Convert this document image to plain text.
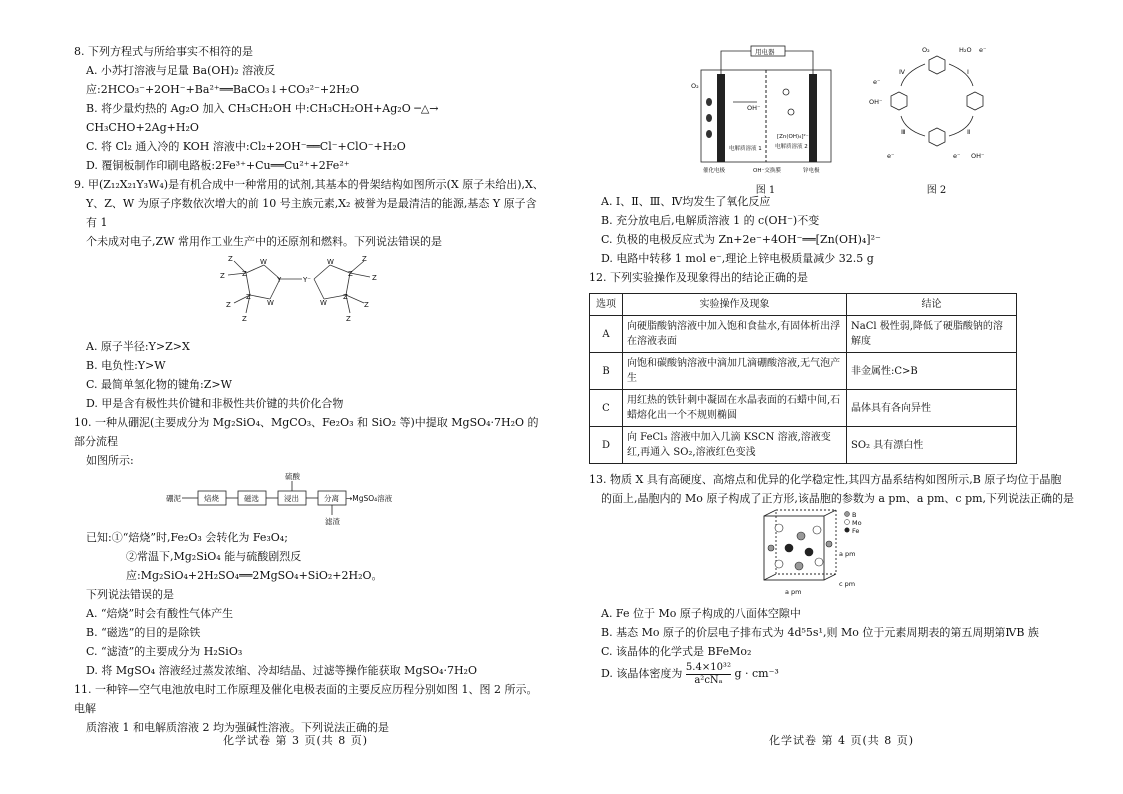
8. 下列方程式与所给事实不相符的是

A. 小苏打溶液与足量 Ba(OH)₂ 溶液反应:2HCO₃⁻+2OH⁻+Ba²⁺══BaCO₃↓+CO₃²⁻+2H₂O

B. 将少量灼热的 Ag₂O 加入 CH₃CH₂OH 中:CH₃CH₂OH+Ag₂O ─△→ CH₃CHO+2Ag+H₂O

C. 将 Cl₂ 通入冷的 KOH 溶液中:Cl₂+2OH⁻══Cl⁻+ClO⁻+H₂O

D. 覆铜板制作印刷电路板:2Fe³⁺+Cu══Cu²⁺+2Fe²⁺

9. 甲(Z₁₂X₂₁Y₃W₄)是有机合成中一种常用的试剂,其基本的骨架结构如图所示(X 原子未给出),X、

Y、Z、W 为原子序数依次增大的前 10 号主族元素,X₂ 被誉为是最清洁的能源,基态 Y 原子含有 1

个未成对电子,ZW 常用作工业生产中的还原剂和燃料。下列说法错误的是

Z
W
Z
W
Z
Z
Z
Z
Y	Y⁻
W
W
Z
Z
Z
Z
Z
Z

A. 原子半径:Y>Z>X

B. 电负性:Y>W

C. 最简单氢化物的键角:Z>W

D. 甲是含有极性共价键和非极性共价键的共价化合物

10. 一种从硼泥(主要成分为 Mg₂SiO₄、MgCO₃、Fe₂O₃ 和 SiO₂ 等)中提取 MgSO₄·7H₂O 的部分流程

如图所示:

硼泥	焙烧	磁选	浸出
硫酸
分离 →MgSO₄溶液
滤渣

已知:①“焙烧”时,Fe₂O₃ 会转化为 Fe₃O₄;

②常温下,Mg₂SiO₄ 能与硫酸剧烈反应:Mg₂SiO₄+2H₂SO₄══2MgSO₄+SiO₂+2H₂O。

下列说法错误的是

A. “焙烧”时会有酸性气体产生

B. “磁选”的目的是除铁

C. “滤渣”的主要成分为 H₂SiO₃

D. 将 MgSO₄ 溶液经过蒸发浓缩、冷却结晶、过滤等操作能获取 MgSO₄·7H₂O

11. 一种锌—空气电池放电时工作原理及催化电极表面的主要反应历程分别如图 1、图 2 所示。电解

质溶液 1 和电解质溶液 2 均为强碱性溶液。下列说法正确的是

化学试卷 第 3 页(共 8 页)
用电器
O₂
OH⁻
[Zn(OH)₄]²⁻
电解质溶液 1 电解质溶液 2
OH⁻交换膜
催化电极	锌电极
图 1
O₂	H₂O e⁻
Ⅰ
Ⅱ
Ⅲ
Ⅳ
e⁻ OH⁻
e⁻
OH⁻
e⁻
图 2

A. Ⅰ、Ⅱ、Ⅲ、Ⅳ均发生了氧化反应

B. 充分放电后,电解质溶液 1 的 c(OH⁻)不变

C. 负极的电极反应式为 Zn+2e⁻+4OH⁻══[Zn(OH)₄]²⁻

D. 电路中转移 1 mol e⁻,理论上锌电极质量减少 32.5 g

12. 下列实验操作及现象得出的结论正确的是

选项	实验操作及现象	结论
A	向硬脂酸钠溶液中加入饱和食盐水,有固体析出浮在溶液表面	NaCl 极性弱,降低了硬脂酸钠的溶解度
B	向饱和碳酸钠溶液中滴加几滴硼酸溶液,无气泡产生	非金属性:C>B
C	用红热的铁针刺中凝固在水晶表面的石蜡中间,石蜡熔化出一个不规则椭圆	晶体具有各向异性
D	向 FeCl₃ 溶液中加入几滴 KSCN 溶液,溶液变红,再通入 SO₂,溶液红色变浅	SO₂ 具有漂白性

13. 物质 X 具有高硬度、高熔点和优异的化学稳定性,其四方晶系结构如图所示,B 原子均位于晶胞

的面上,晶胞内的 Mo 原子构成了正方形,该晶胞的参数为 a pm、a pm、c pm,下列说法正确的是

B
Mo
Fe
a pm
c pm
a pm

A. Fe 位于 Mo 原子构成的八面体空隙中

B. 基态 Mo 原子的价层电子排布式为 4d⁵5s¹,则 Mo 位于元素周期表的第五周期第ⅣB 族

C. 该晶体的化学式是 BFeMo₂

D. 该晶体密度为 $\frac{\text{5.4×10³²}}{\text{a²cNₐ}}$ g · cm⁻³

化学试卷 第 4 页(共 8 页)
